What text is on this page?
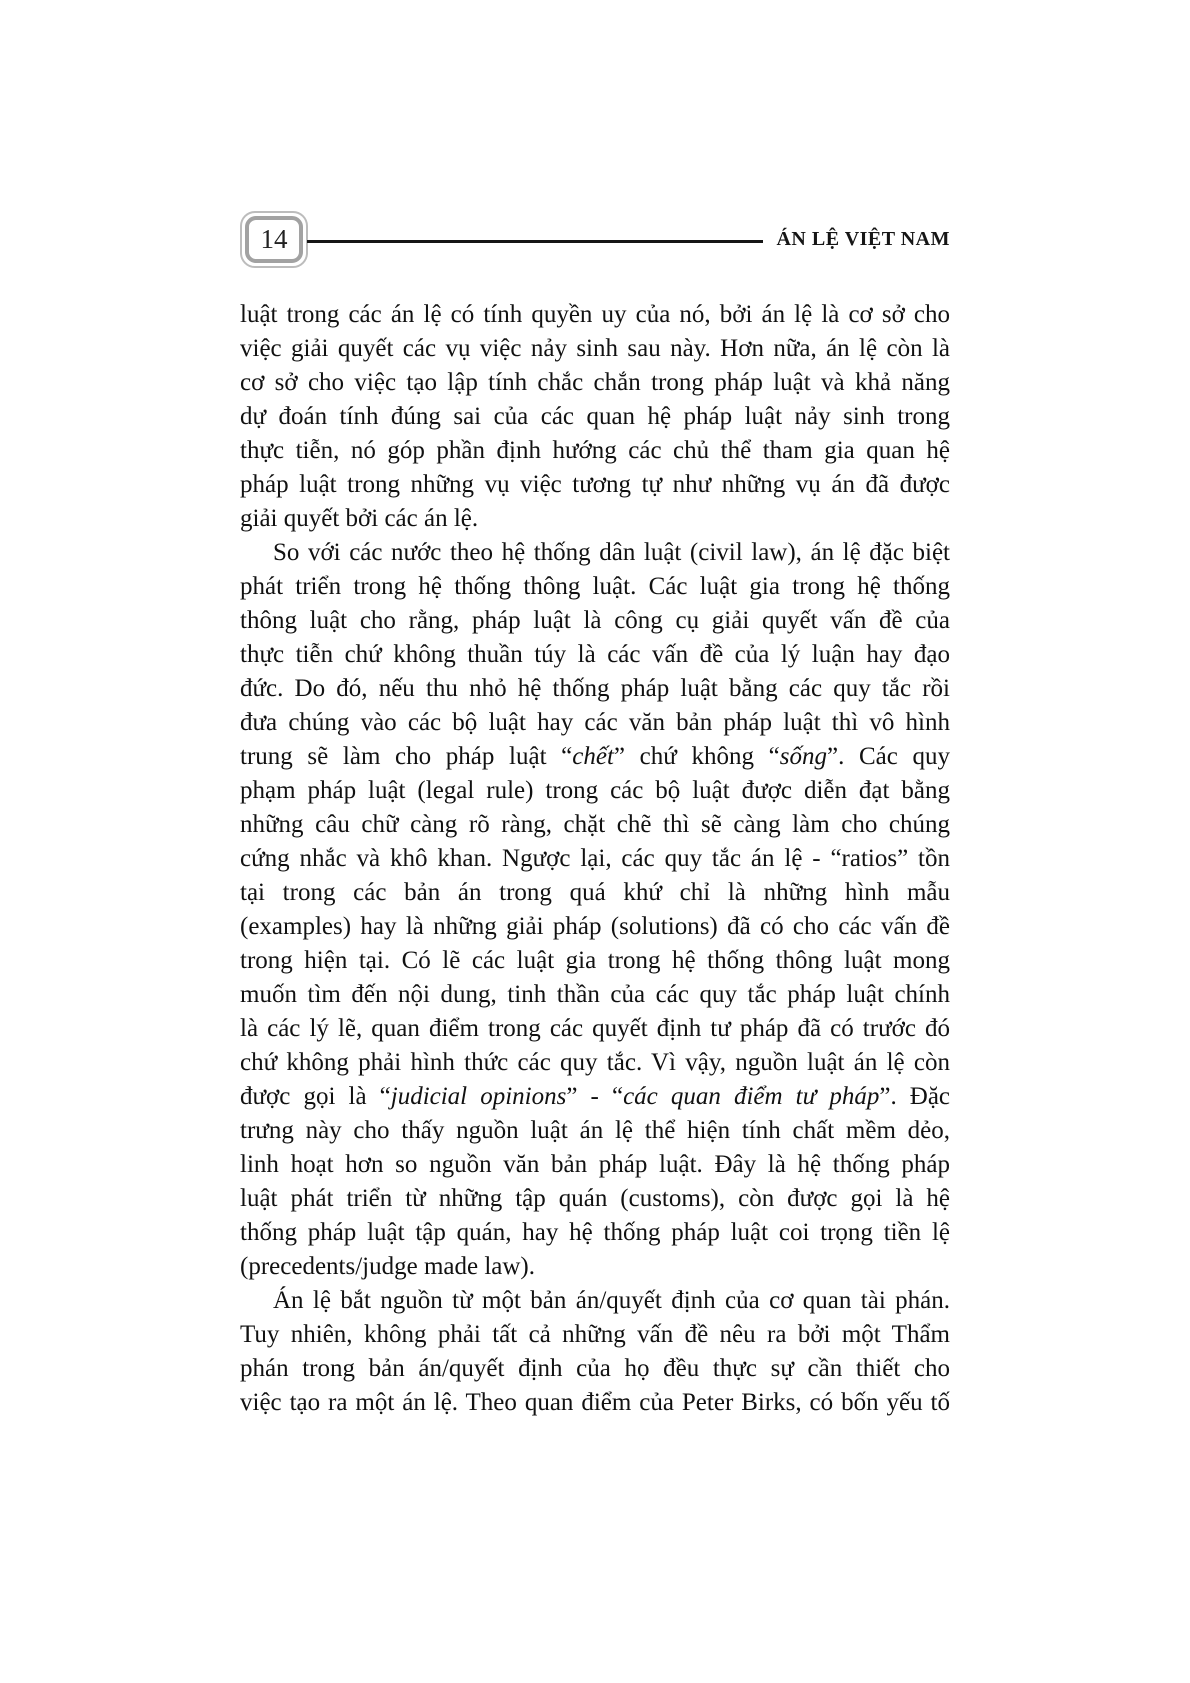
14	ÁN LỆ VIỆT NAM
luật trong các án lệ có tính quyền uy của nó, bởi án lệ là cơ sở cho
việc giải quyết các vụ việc nảy sinh sau này. Hơn nữa, án lệ còn là
cơ sở cho việc tạo lập tính chắc chắn trong pháp luật và khả năng
dự đoán tính đúng sai của các quan hệ pháp luật nảy sinh trong
thực tiễn, nó góp phần định hướng các chủ thể tham gia quan hệ
pháp luật trong những vụ việc tương tự như những vụ án đã được
giải quyết bởi các án lệ.
So với các nước theo hệ thống dân luật (civil law), án lệ đặc biệt
phát triển trong hệ thống thông luật. Các luật gia trong hệ thống
thông luật cho rằng, pháp luật là công cụ giải quyết vấn đề của
thực tiễn chứ không thuần túy là các vấn đề của lý luận hay đạo
đức. Do đó, nếu thu nhỏ hệ thống pháp luật bằng các quy tắc rồi
đưa chúng vào các bộ luật hay các văn bản pháp luật thì vô hình
trung sẽ làm cho pháp luật “chết” chứ không “sống”. Các quy
phạm pháp luật (legal rule) trong các bộ luật được diễn đạt bằng
những câu chữ càng rõ ràng, chặt chẽ thì sẽ càng làm cho chúng
cứng nhắc và khô khan. Ngược lại, các quy tắc án lệ - “ratios” tồn
tại trong các bản án trong quá khứ chỉ là những hình mẫu
(examples) hay là những giải pháp (solutions) đã có cho các vấn đề
trong hiện tại. Có lẽ các luật gia trong hệ thống thông luật mong
muốn tìm đến nội dung, tinh thần của các quy tắc pháp luật chính
là các lý lẽ, quan điểm trong các quyết định tư pháp đã có trước đó
chứ không phải hình thức các quy tắc. Vì vậy, nguồn luật án lệ còn
được gọi là “judicial opinions” - “các quan điểm tư pháp”. Đặc
trưng này cho thấy nguồn luật án lệ thể hiện tính chất mềm dẻo,
linh hoạt hơn so nguồn văn bản pháp luật. Đây là hệ thống pháp
luật phát triển từ những tập quán (customs), còn được gọi là hệ
thống pháp luật tập quán, hay hệ thống pháp luật coi trọng tiền lệ
(precedents/judge made law).
Án lệ bắt nguồn từ một bản án/quyết định của cơ quan tài phán.
Tuy nhiên, không phải tất cả những vấn đề nêu ra bởi một Thẩm
phán trong bản án/quyết định của họ đều thực sự cần thiết cho
việc tạo ra một án lệ. Theo quan điểm của Peter Birks, có bốn yếu tố
